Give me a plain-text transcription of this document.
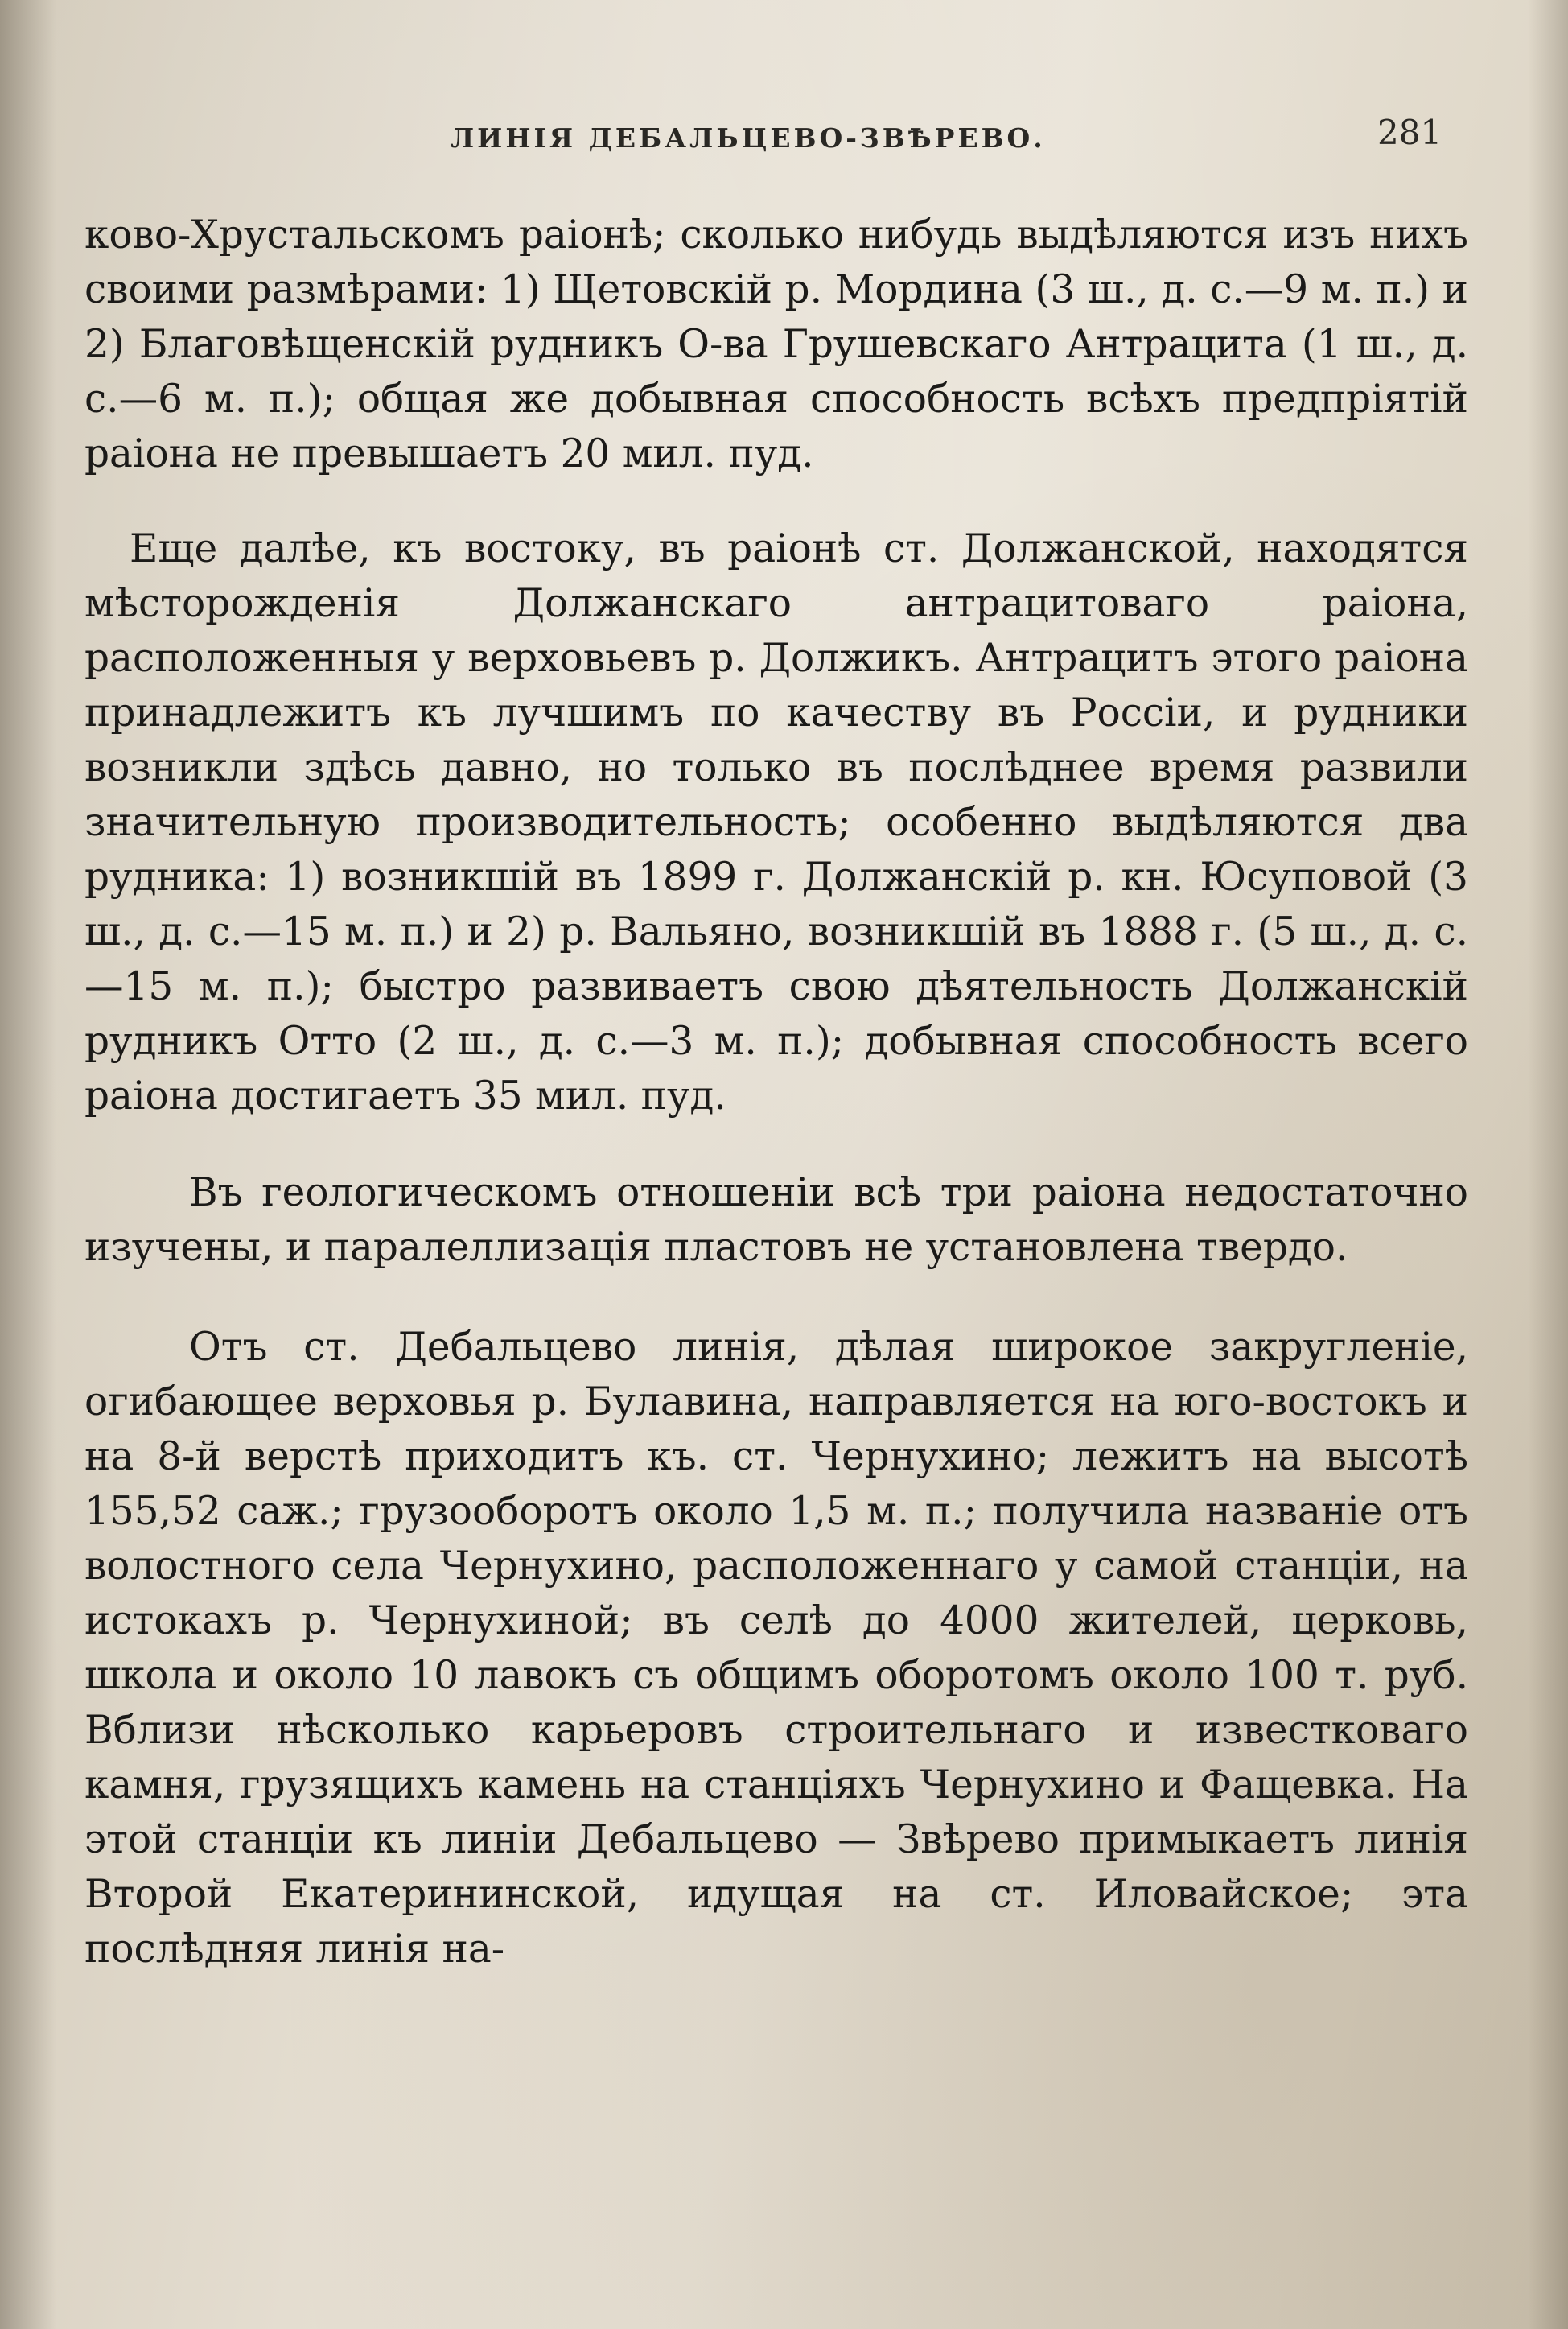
ЛИНІЯ ДЕБАЛЬЦЕВО-ЗВѢРЕВО.	281

ково-Хрустальскомъ раіонѣ; сколько нибудь выдѣляются изъ нихъ своими размѣрами: 1) Щетовскій р. Мордина (3 ш., д. с.—9 м. п.) и 2) Благовѣщенскій рудникъ О-ва Грушевскаго Антрацита (1 ш., д. с.—6 м. п.); общая же добывная способность всѣхъ предпріятій раіона не превышаетъ 20 мил. пуд.

Еще далѣе, къ востоку, въ раіонѣ ст. Должанской, находятся мѣсторожденія Должанскаго антрацитоваго раіона, расположенныя у верховьевъ р. Должикъ. Антрацитъ этого раіона принадлежитъ къ лучшимъ по качеству въ Россіи, и рудники возникли здѣсь давно, но только въ послѣднее время развили значительную производительность; особенно выдѣляются два рудника: 1) возникшій въ 1899 г. Должанскій р. кн. Юсуповой (3 ш., д. с.—15 м. п.) и 2) р. Вальяно, возникшій въ 1888 г. (5 ш., д. с.—15 м. п.); быстро развиваетъ свою дѣятельность Должанскій рудникъ Отто (2 ш., д. с.—3 м. п.); добывная способность всего раіона достигаетъ 35 мил. пуд.

Въ геологическомъ отношеніи всѣ три раіона недостаточно изучены, и паралеллизація пластовъ не установлена твердо.

Отъ ст. Дебальцево линія, дѣлая широкое закругленіе, огибающее верховья р. Булавина, направляется на юго-востокъ и на 8-й верстѣ приходитъ къ. ст. Чернухино; лежитъ на высотѣ 155,52 саж.; грузооборотъ около 1,5 м. п.; получила названіе отъ волостного села Чернухино, расположеннаго у самой станціи, на истокахъ р. Чернухиной; въ селѣ до 4000 жителей, церковь, школа и около 10 лавокъ съ общимъ оборотомъ около 100 т. руб. Вблизи нѣсколько карьеровъ строительнаго и известковаго камня, грузящихъ камень на станціяхъ Чернухино и Фащевка. На этой станціи къ линіи Дебальцево — Звѣрево примыкаетъ линія Второй Екатерининской, идущая на ст. Иловайское; эта послѣдняя линія на-
